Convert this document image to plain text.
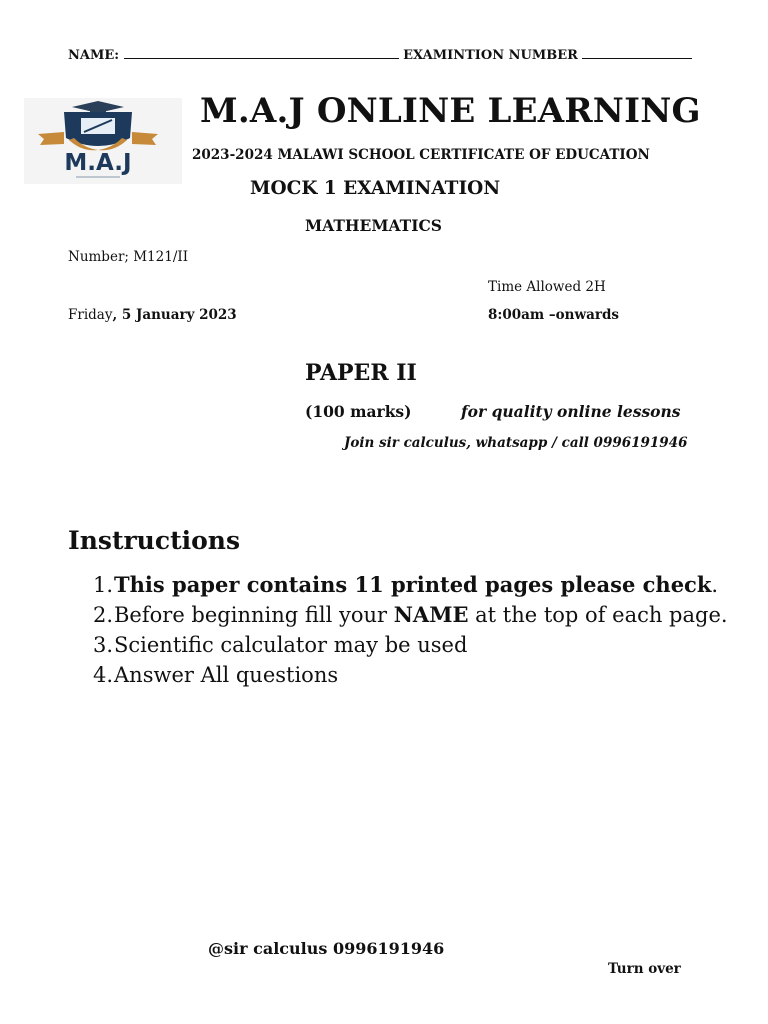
NAME:	EXAMINTION NUMBER
M.A.J
M.A.J ONLINE LEARNING
2023-2024 MALAWI SCHOOL CERTIFICATE OF EDUCATION
MOCK 1 EXAMINATION
MATHEMATICS
Number; M121/II
Time Allowed 2H
Friday, 5 January 2023	8:00am –onwards
PAPER II
(100 marks)	for quality online lessons
Join sir calculus, whatsapp / call 0996191946
Instructions
1. This paper contains 11 printed pages please check.
2. Before beginning fill your NAME at the top of each page.
3. Scientific calculator may be used
4. Answer All questions
@sir calculus 0996191946
Turn over
